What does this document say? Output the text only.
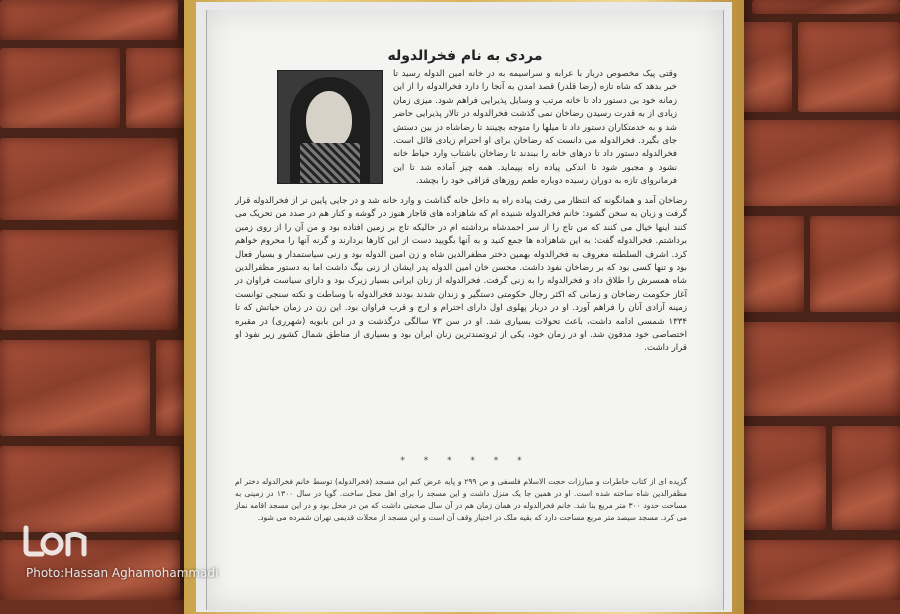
مردی به نام فخرالدوله
وقتی پیک مخصوص دربار با عرابه و سراسیمه به در خانه امین الدوله رسید تا خبر بدهد که شاه تازه (رضا قلدر) قصد امدن به آنجا را دارد فخرالدوله را از این زمانه خود بی دستور داد تا خانه مرتب و وسایل پذیرایی فراهم شود. میزی زمان زیادی از به قدرت رسیدن رضاخان نمی گذشت فخرالدوله در تالار پذیرایی حاضر شد و به خدمتکاران دستور داد تا میلها را متوجه بچینند تا رضاشاه در بین دستش جای بگیرد. فخرالدوله می دانست که رضاخان برای او احترام زیادی قائل است. فخرالدوله دستور داد تا درهای خانه را ببندند تا رضاخان باشتاب وارد حیاط خانه نشود و مجبور شود تا اندکی پیاده راه بپیماید. همه چیز آماده شد تا این فرمانروای تازه به دوران رسیده دوباره طعم روزهای قزاقی خود را بچشد.
رضاخان آمد و همانگونه که انتظار می رفت پیاده راه به داخل خانه گذاشت و وارد خانه شد و در جایی پایین تر از فخرالدوله قرار گرفت و زبان به سخن گشود: خانم فخرالدوله شنیده ام که شاهزاده های قاجار هنوز در گوشه و کنار هم در صدد من تحریک می کنند اینها خیال می کنند که من تاج را از سر احمدشاه برداشته ام در حالیکه تاج بر زمین افتاده بود و من آن را از روی زمین برداشتم. فخرالدوله گفت: به این شاهزاده ها جمع کنید و به آنها بگویید دست از این کارها بردارند و گرنه آنها را محروم خواهم کرد. اشرف السلطنه معروف به فخرالدوله بهمین دختر مظفرالدین شاه و زن امین الدوله بود و زنی سیاستمدار و بسیار فعال بود و تنها کسی بود که بر رضاخان نفوذ داشت. محسن خان امین الدوله پدر ایشان از زنی بیگ داشت اما به دستور مظفرالدین شاه همسرش را طلاق داد و فخرالدوله را به زنی گرفت. فخرالدوله از زنان ایرانی بسیار زیرک بود و دارای سیاست فراوان در آغاز حکومت رضاخان و زمانی که اکثر رجال حکومتی دستگیر و زندان شدند بودند فخرالدوله با وساطت و نکته سنجی توانست زمینه آزادی آنان را فراهم آورد. او در دربار پهلوی اول دارای احترام و ارج و قرب فراوان بود. این زن در زمان حیاتش که تا ۱۳۳۴ شمسی ادامه داشت، باعث تحولات بسیاری شد. او در سن ۷۳ سالگی درگذشت و در ابن بابویه (شهرری) در مقبره اختصاصی خود مدفون شد. او در زمان خود، یکی از ثروتمندترین زنان ایران بود و بسیاری از مناطق شمال کشور زیر نفوذ او قرار داشت.
* * * * * *
گزیده ای از کتاب خاطرات و مبارزات حجت الاسلام فلسفی و ص ۲۹۹ و پایه عرض کنم این مسجد (فخرالدوله) توسط خانم فخرالدوله دختر ام مظفرالدین شاه ساخته شده است. او در همین جا یک منزل داشت و این مسجد را برای اهل محل ساخت. گویا در سال ۱۳۰۰ در زمینی به مساحت حدود ۳۰۰ متر مربع بنا شد. خانم فخرالدوله در همان زمان هم در آن سال صحبتی داشت که من در محل بود و در این مسجد اقامه نماز می کرد. مسجد سیصد متر مربع مساحت دارد که بقیه ملک در اختیار وقف آن است و این مسجد از محلات قدیمی تهران شمرده می شود.
Photo:Hassan Aghamohammadi
